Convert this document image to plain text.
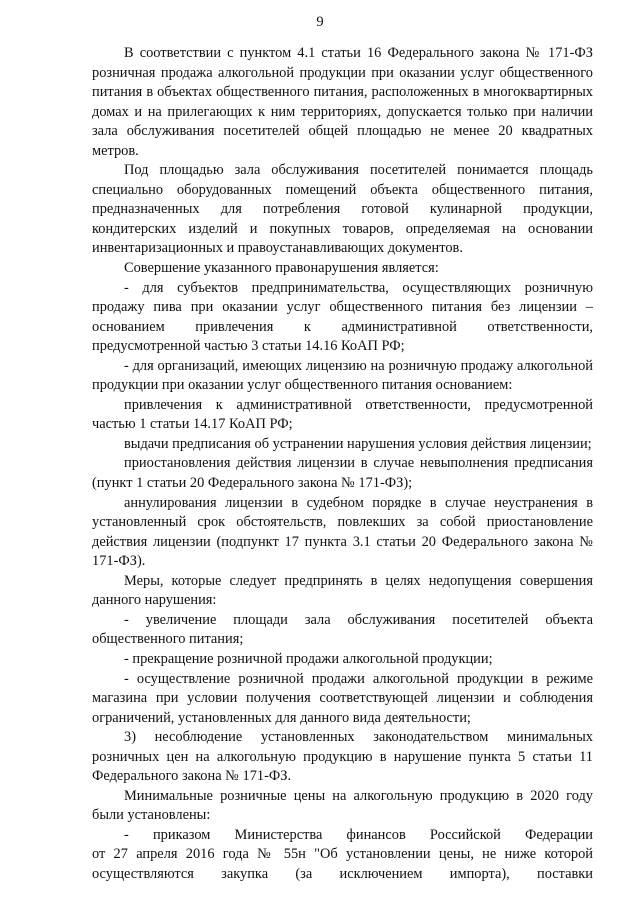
9

В соответствии с пунктом 4.1 статьи 16 Федерального закона № 171-ФЗ розничная продажа алкогольной продукции при оказании услуг общественного питания в объектах общественного питания, расположенных в многоквартирных домах и на прилегающих к ним территориях, допускается только при наличии зала обслуживания посетителей общей площадью не менее 20 квадратных метров.

Под площадью зала обслуживания посетителей понимается площадь специально оборудованных помещений объекта общественного питания, предназначенных для потребления готовой кулинарной продукции, кондитерских изделий и покупных товаров, определяемая на основании инвентаризационных и правоустанавливающих документов.

Совершение указанного правонарушения является:

- для субъектов предпринимательства, осуществляющих розничную продажу пива при оказании услуг общественного питания без лицензии – основанием привлечения к административной ответственности, предусмотренной частью 3 статьи 14.16 КоАП РФ;

- для организаций, имеющих лицензию на розничную продажу алкогольной продукции при оказании услуг общественного питания основанием:

привлечения к административной ответственности, предусмотренной частью 1 статьи 14.17 КоАП РФ;

выдачи предписания об устранении нарушения условия действия лицензии;

приостановления действия лицензии в случае невыполнения предписания (пункт 1 статьи 20 Федерального закона № 171-ФЗ);

аннулирования лицензии в судебном порядке в случае неустранения в установленный срок обстоятельств, повлекших за собой приостановление действия лицензии (подпункт 17 пункта 3.1 статьи 20 Федерального закона № 171-ФЗ).

Меры, которые следует предпринять в целях недопущения совершения данного нарушения:

- увеличение площади зала обслуживания посетителей объекта общественного питания;

- прекращение розничной продажи алкогольной продукции;

- осуществление розничной продажи алкогольной продукции в режиме магазина при условии получения соответствующей лицензии и соблюдения ограничений, установленных для данного вида деятельности;

3) несоблюдение установленных законодательством минимальных розничных цен на алкогольную продукцию в нарушение пункта 5 статьи 11 Федерального закона № 171-ФЗ.

Минимальные розничные цены на алкогольную продукцию в 2020 году были установлены:

- приказом Министерства финансов Российской Федерации

от 27 апреля 2016 года № 55н "Об установлении цены, не ниже которой

осуществляются закупка (за исключением импорта), поставки
